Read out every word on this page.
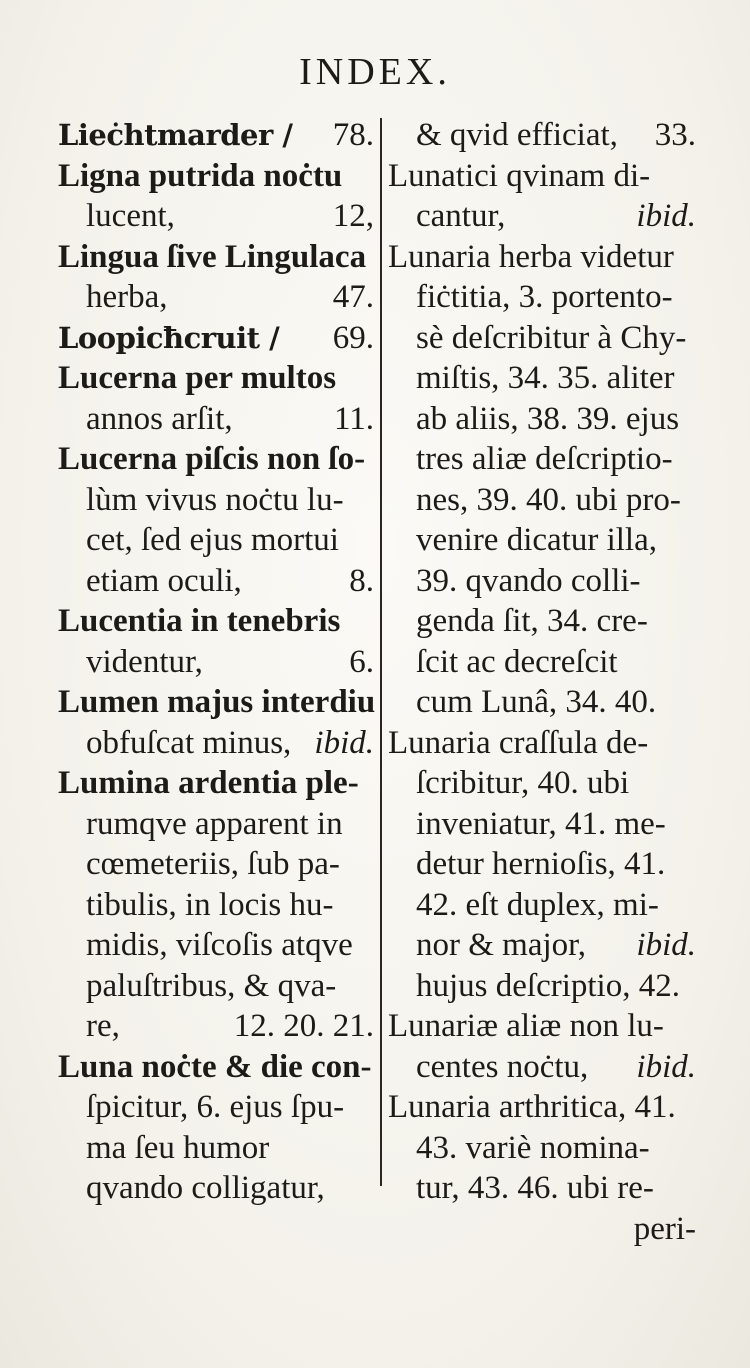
INDEX.
Lieċhtmarder / 78.
Ligna putrida noċtu
lucent,	12,
Lingua ſive Lingulaca
herba,	47.
Loopicħcruit / 69.
Lucerna per multos
annos arſit,	11.
Lucerna piſcis non ſo-
lùm vivus noċtu lu-
cet, ſed ejus mortui
etiam oculi,	8.
Lucentia in tenebris
videntur,	6.
Lumen majus interdiu
obfuſcat minus, ibid.
Lumina ardentia ple-
rumqve apparent in
cœmeteriis, ſub pa-
tibulis, in locis hu-
midis, viſcoſis atqve
paluſtribus, & qva-
re,	12. 20. 21.
Luna noċte & die con-
ſpicitur, 6. ejus ſpu-
ma ſeu humor
qvando colligatur,
& qvid efficiat, 33.
Lunatici qvinam di-
cantur,	ibid.
Lunaria herba videtur
fiċtitia, 3. portento-
sè deſcribitur à Chy-
miſtis, 34. 35. aliter
ab aliis, 38. 39. ejus
tres aliæ deſcriptio-
nes, 39. 40. ubi pro-
venire dicatur illa,
39. qvando colli-
genda ſit, 34. cre-
ſcit ac decreſcit
cum Lunâ, 34. 40.
Lunaria craſſula de-
ſcribitur, 40. ubi
inveniatur, 41. me-
detur hernioſis, 41.
42. eſt duplex, mi-
nor & major, ibid.
hujus deſcriptio, 42.
Lunariæ aliæ non lu-
centes noċtu, ibid.
Lunaria arthritica, 41.
43. variè nomina-
tur, 43. 46. ubi re-
peri-
